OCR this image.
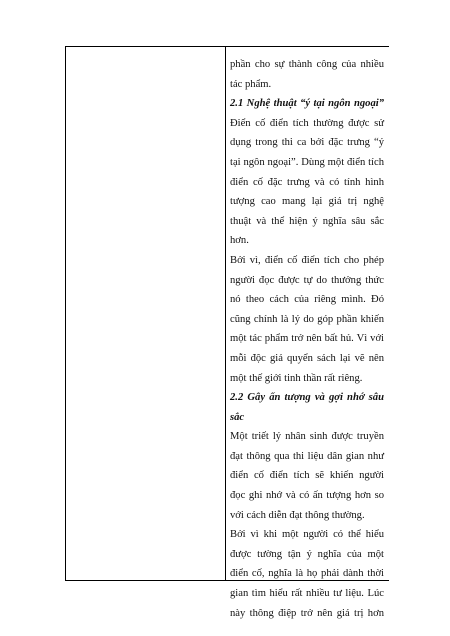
phần cho sự thành công của nhiều
tác phẩm.
2.1 Nghệ thuật “ý tại ngôn ngoại”
Điển cố điển tích thường được sử
dụng trong thi ca bởi đặc trưng “ý
tại ngôn ngoại”. Dùng một điển tích
điển cố đặc trưng và có tính hình
tượng cao mang lại giá trị nghệ
thuật và thể hiện ý nghĩa sâu sắc
hơn.
Bởi vì, điển cố điển tích cho phép
người đọc được tự do thưởng thức
nó theo cách của riêng mình. Đó
cũng chính là lý do góp phần khiến
một tác phẩm trở nên bất hủ. Vì với
mỗi độc giả quyển sách lại vẽ nên
một thế giới tinh thần rất riêng.
2.2 Gây ấn tượng và gợi nhớ sâu
sắc
Một triết lý nhân sinh được truyền
đạt thông qua thi liệu dân gian như
điển cố điển tích sẽ khiến người
đọc ghi nhớ và có ấn tượng hơn so
với cách diễn đạt thông thường.
Bởi vì khi một người có thể hiểu
được tường tận ý nghĩa của một
điển cố, nghĩa là họ phải dành thời
gian tìm hiểu rất nhiều tư liệu. Lúc
này thông điệp trở nên giá trị hơn
